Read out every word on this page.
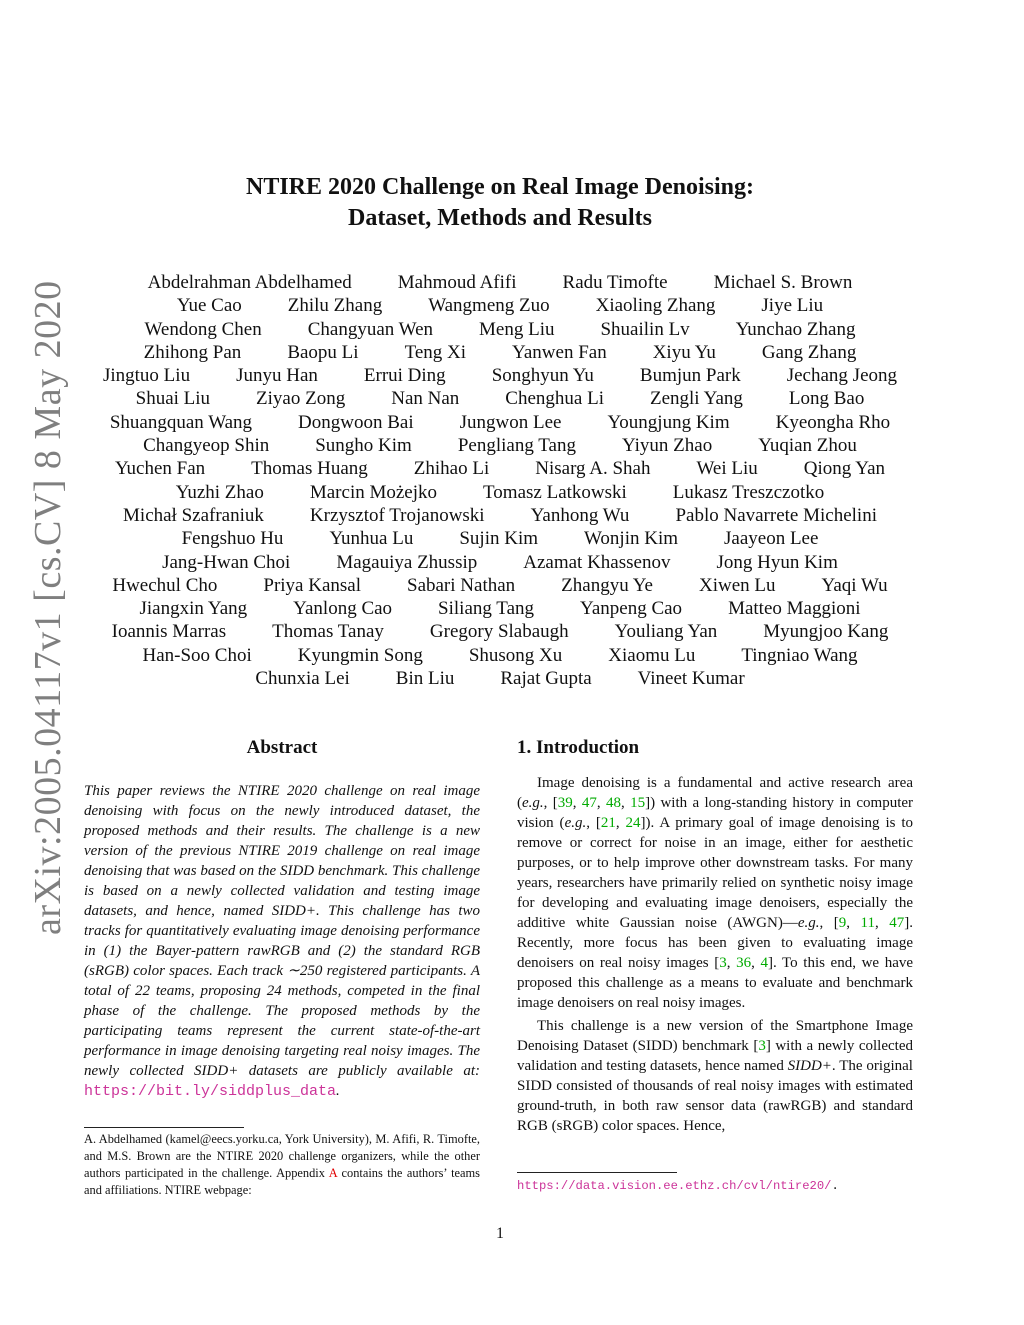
arXiv:2005.04117v1 [cs.CV] 8 May 2020
NTIRE 2020 Challenge on Real Image Denoising:
Dataset, Methods and Results
Abdelrahman Abdelhamed Mahmoud Afifi Radu Timofte Michael S. Brown
Yue Cao Zhilu Zhang Wangmeng Zuo Xiaoling Zhang Jiye Liu
Wendong Chen Changyuan Wen Meng Liu Shuailin Lv Yunchao Zhang
Zhihong Pan Baopu Li Teng Xi Yanwen Fan Xiyu Yu Gang Zhang
Jingtuo Liu Junyu Han Errui Ding Songhyun Yu Bumjun Park Jechang Jeong
Shuai Liu Ziyao Zong Nan Nan Chenghua Li Zengli Yang Long Bao
Shuangquan Wang Dongwoon Bai Jungwon Lee Youngjung Kim Kyeongha Rho
Changyeop Shin Sungho Kim Pengliang Tang Yiyun Zhao Yuqian Zhou
Yuchen Fan Thomas Huang Zhihao Li Nisarg A. Shah Wei Liu Qiong Yan
Yuzhi Zhao Marcin Możejko Tomasz Latkowski Lukasz Treszczotko
Michał Szafraniuk Krzysztof Trojanowski Yanhong Wu Pablo Navarrete Michelini
Fengshuo Hu Yunhua Lu Sujin Kim Wonjin Kim Jaayeon Lee
Jang-Hwan Choi Magauiya Zhussip Azamat Khassenov Jong Hyun Kim
Hwechul Cho Priya Kansal Sabari Nathan Zhangyu Ye Xiwen Lu Yaqi Wu
Jiangxin Yang Yanlong Cao Siliang Tang Yanpeng Cao Matteo Maggioni
Ioannis Marras Thomas Tanay Gregory Slabaugh Youliang Yan Myungjoo Kang
Han-Soo Choi Kyungmin Song Shusong Xu Xiaomu Lu Tingniao Wang
Chunxia Lei Bin Liu Rajat Gupta Vineet Kumar
Abstract
This paper reviews the NTIRE 2020 challenge on real image denoising with focus on the newly introduced dataset, the proposed methods and their results. The challenge is a new version of the previous NTIRE 2019 challenge on real image denoising that was based on the SIDD benchmark. This challenge is based on a newly collected validation and testing image datasets, and hence, named SIDD+. This challenge has two tracks for quantitatively evaluating image denoising performance in (1) the Bayer-pattern rawRGB and (2) the standard RGB (sRGB) color spaces. Each track ∼250 registered participants. A total of 22 teams, proposing 24 methods, competed in the final phase of the challenge. The proposed methods by the participating teams represent the current state-of-the-art performance in image denoising targeting real noisy images. The newly collected SIDD+ datasets are publicly available at: https://bit.ly/siddplus_data.
A. Abdelhamed (kamel@eecs.yorku.ca, York University), M. Afifi, R. Timofte, and M.S. Brown are the NTIRE 2020 challenge organizers, while the other authors participated in the challenge. Appendix A contains the authors’ teams and affiliations. NTIRE webpage:
1. Introduction

Image denoising is a fundamental and active research area (e.g., [39, 47, 48, 15]) with a long-standing history in computer vision (e.g., [21, 24]). A primary goal of image denoising is to remove or correct for noise in an image, either for aesthetic purposes, or to help improve other downstream tasks. For many years, researchers have primarily relied on synthetic noisy image for developing and evaluating image denoisers, especially the additive white Gaussian noise (AWGN)—e.g., [9, 11, 47]. Recently, more focus has been given to evaluating image denoisers on real noisy images [3, 36, 4]. To this end, we have proposed this challenge as a means to evaluate and benchmark image denoisers on real noisy images.

This challenge is a new version of the Smartphone Image Denoising Dataset (SIDD) benchmark [3] with a newly collected validation and testing datasets, hence named SIDD+. The original SIDD consisted of thousands of real noisy images with estimated ground-truth, in both raw sensor data (rawRGB) and standard RGB (sRGB) color spaces. Hence,

https://data.vision.ee.ethz.ch/cvl/ntire20/.
1
